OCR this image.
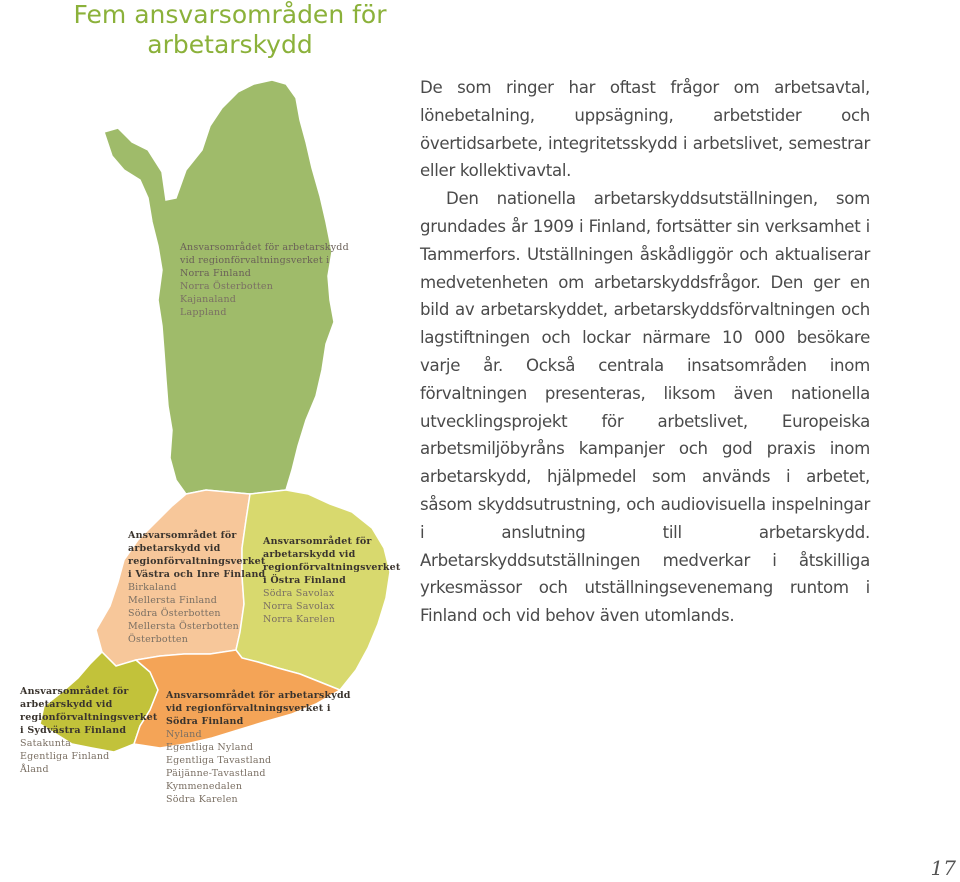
Fem ansvarsområden för arbetarskydd
Ansvarsområdet för arbetarskydd
vid regionförvaltningsverket i
Norra Finland
Norra Österbotten
Kajanaland
Lappland
Ansvarsområdet för
arbetarskydd vid
regionförvaltningsverket
i Västra och Inre Finland
Birkaland
Mellersta Finland
Södra Österbotten
Mellersta Österbotten
Österbotten
Ansvarsområdet för
arbetarskydd vid
regionförvaltningsverket
i Östra Finland
Södra Savolax
Norra Savolax
Norra Karelen
Ansvarsområdet för
arbetarskydd vid
regionförvaltningsverket
i Sydvästra Finland
Satakunta
Egentliga Finland
Åland
Ansvarsområdet för arbetarskydd
vid regionförvaltningsverket i
Södra Finland
Nyland
Egentliga Nyland
Egentliga Tavastland
Päijänne-Tavastland
Kymmenedalen
Södra Karelen

De som ringer har oftast frågor om arbetsavtal, lönebetalning, uppsägning, arbetstider och övertidsarbete, integritetsskydd i arbetslivet, semestrar eller kollektivavtal.

Den nationella arbetarskyddsutställningen, som grundades år 1909 i Finland, fortsätter sin verksamhet i Tammerfors. Utställningen åskådliggör och aktualiserar medvetenheten om arbetarskyddsfrågor. Den ger en bild av arbetarskyddet, arbetarskyddsförvaltningen och lagstiftningen och lockar närmare 10 000 besökare varje år. Också centrala insatsområden inom förvaltningen presenteras, liksom även nationella utvecklingsprojekt för arbetslivet, Europeiska arbetsmiljöbyråns kampanjer och god praxis inom arbetarskydd, hjälpmedel som används i arbetet, såsom skyddsutrustning, och audiovisuella inspelningar i anslutning till arbetarskydd. Arbetarskyddsutställningen medverkar i åtskilliga yrkesmässor och utställningsevenemang runtom i Finland och vid behov även utomlands.

17
